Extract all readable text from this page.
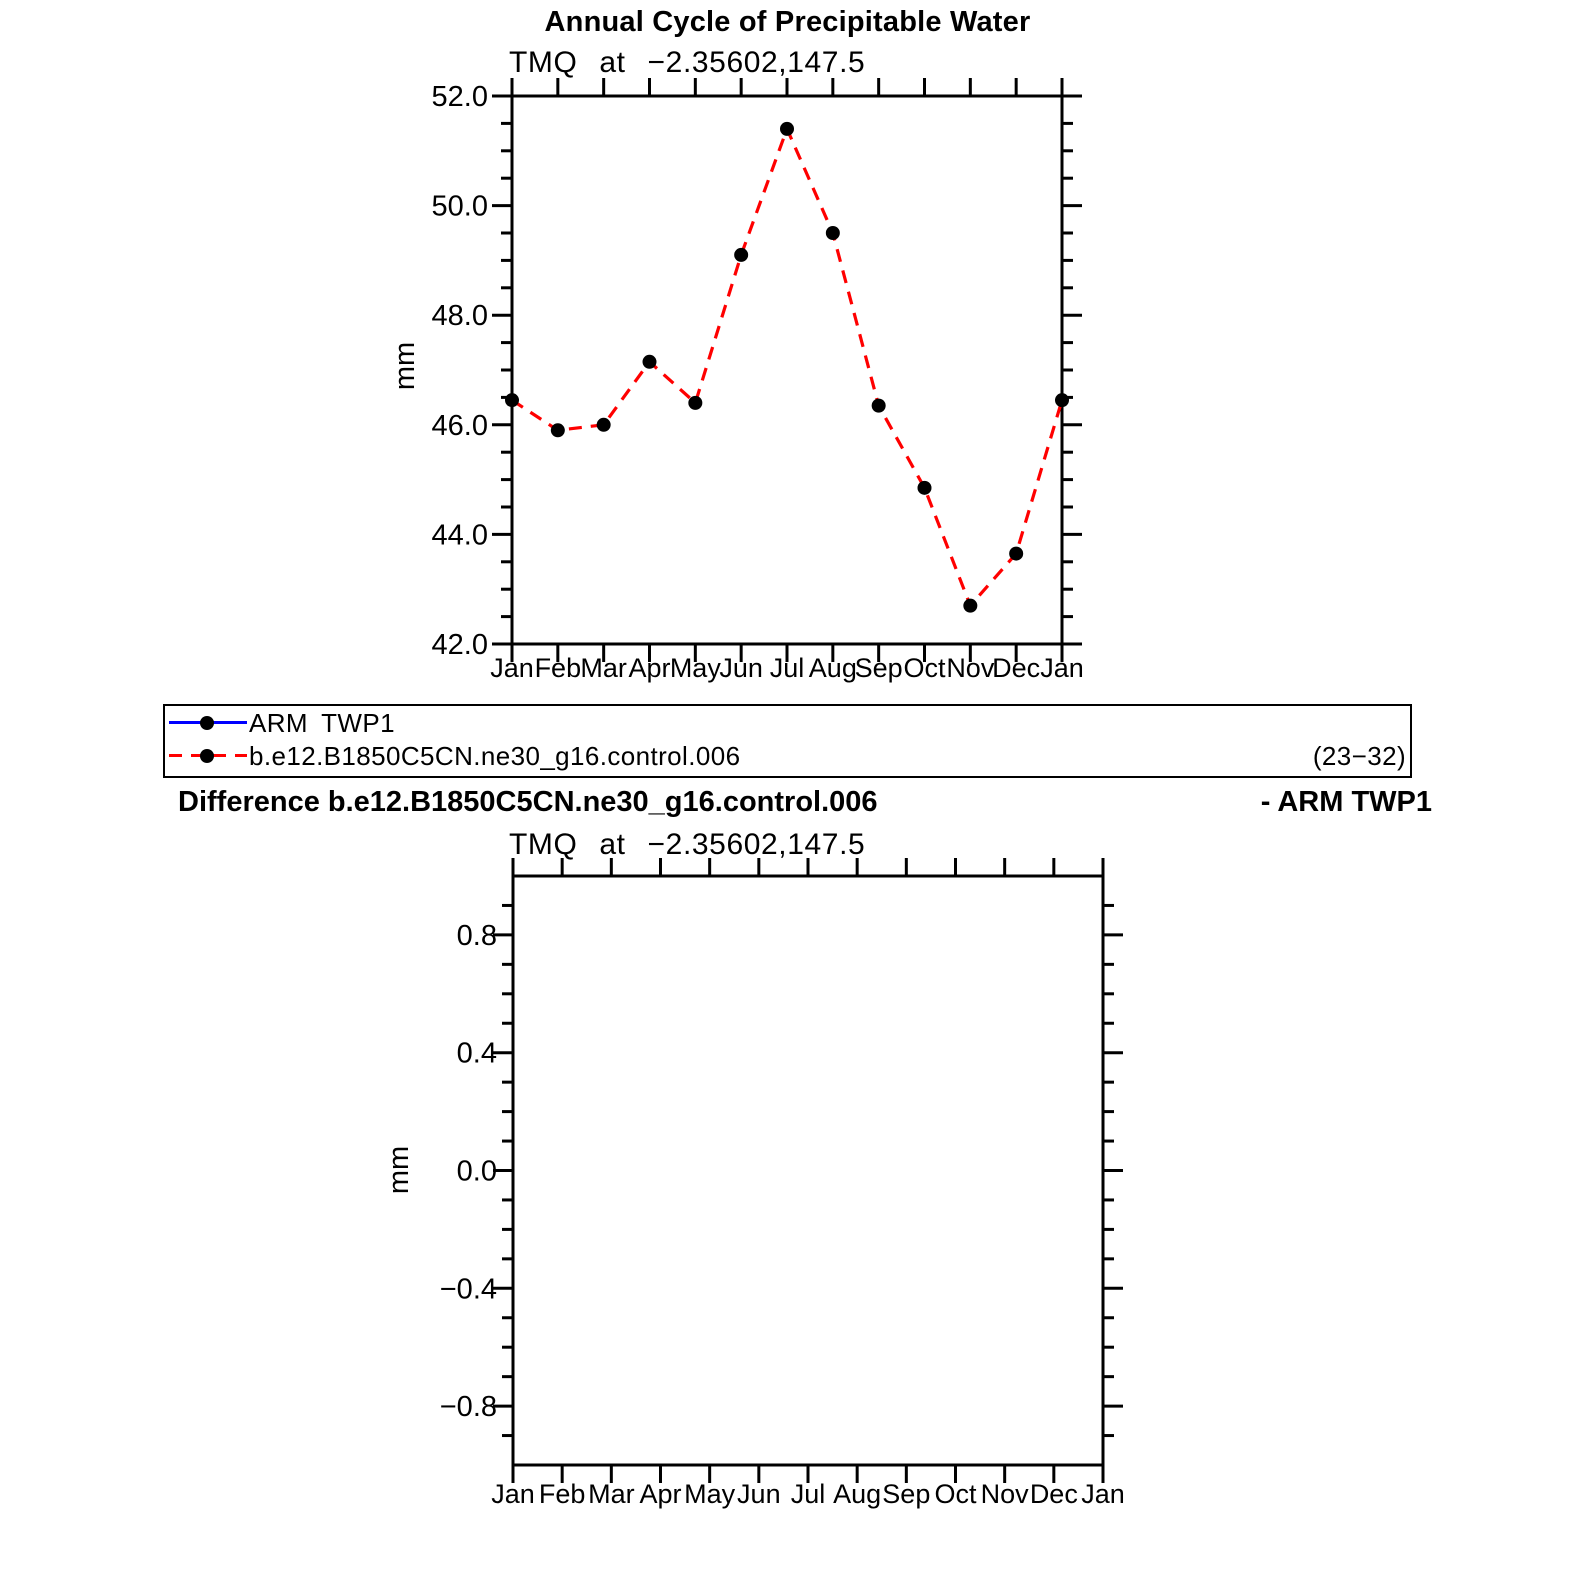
Annual Cycle of Precipitable Water
TMQ at −2.35602,147.5
Jan Feb Mar Apr May
Jun Jul Aug
Sep Oct Nov
Dec Jan
52.0
50.0
48.0
46.0
44.0
42.0
mm
ARM TWP1
b.e12.B1850C5CN.ne30_g16.control.006	(23−32)
Difference b.e12.B1850C5CN.ne30_g16.control.006	- ARM TWP1
TMQ at −2.35602,147.5
Jan Feb Mar Apr May Jun Jul Aug Sep Oct Nov Dec Jan
0.8
0.4
0.0
−0.4
−0.8
mm
